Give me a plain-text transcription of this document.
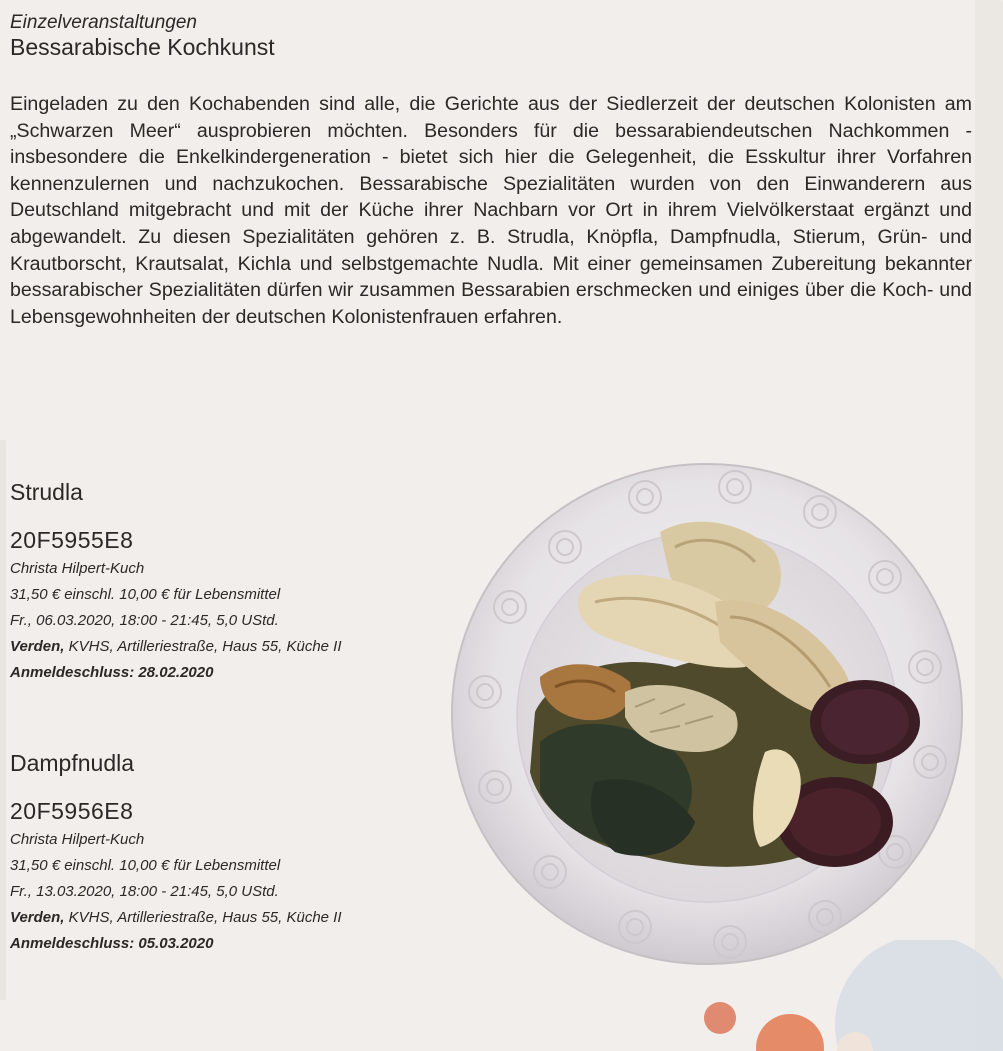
Einzelveranstaltungen

Bessarabische Kochkunst

Eingeladen zu den Kochabenden sind alle, die Gerichte aus der Siedlerzeit der deutschen Kolonisten am „Schwarzen Meer“ ausprobieren möchten. Besonders für die bessarabiendeutschen Nachkommen - insbesondere die Enkelkindergeneration - bietet sich hier die Gelegenheit, die Esskultur ihrer Vorfahren kennenzulernen und nachzukochen. Bessarabische Spezialitäten wurden von den Einwanderern aus Deutschland mitgebracht und mit der Küche ihrer Nachbarn vor Ort in ihrem Vielvölkerstaat ergänzt und abgewandelt. Zu diesen Spezialitäten gehören z. B. Strudla, Knöpfla, Dampfnudla, Stierum, Grün- und Krautborscht, Krautsalat, Kichla und selbstgemachte Nudla. Mit einer gemeinsamen Zubereitung bekannter bessarabischer Spezialitäten dürfen wir zusammen Bessarabien erschmecken und einiges über die Koch- und Lebensgewohnheiten der deutschen Kolonistenfrauen erfahren.

Strudla
20F5955E8

Christa Hilpert-Kuch

31,50 € einschl. 10,00 € für Lebensmittel

Fr., 06.03.2020, 18:00 - 21:45, 5,0 UStd.

Verden, KVHS, Artilleriestraße, Haus 55, Küche II

Anmeldeschluss: 28.02.2020

Dampfnudla
20F5956E8

Christa Hilpert-Kuch

31,50 € einschl. 10,00 € für Lebensmittel

Fr., 13.03.2020, 18:00 - 21:45, 5,0 UStd.

Verden, KVHS, Artilleriestraße, Haus 55, Küche II

Anmeldeschluss: 05.03.2020
